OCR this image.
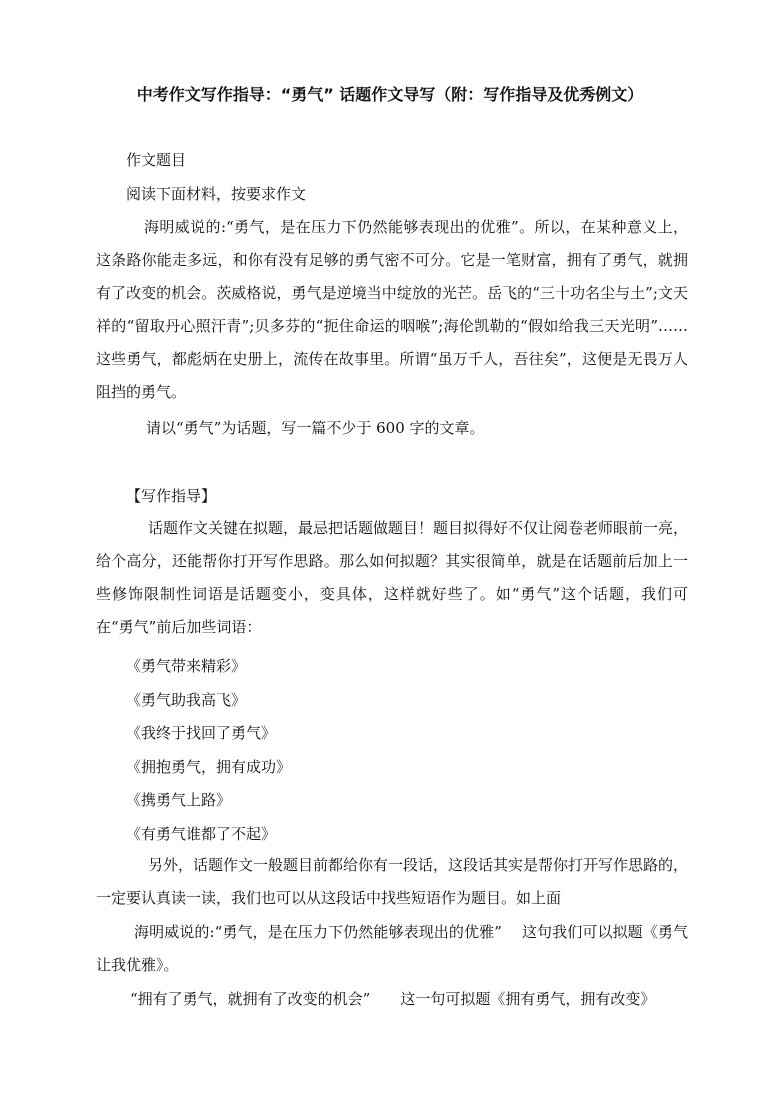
中考作文写作指导：“勇气” 话题作文导写（附：写作指导及优秀例文）
作文题目
阅读下面材料，按要求作文
海明威说的:“勇气，是在压力下仍然能够表现出的优雅”。所以，在某种意义上，这条路你能走多远，和你有没有足够的勇气密不可分。它是一笔财富，拥有了勇气，就拥有了改变的机会。茨威格说，勇气是逆境当中绽放的光芒。岳飞的“三十功名尘与土”;文天祥的“留取丹心照汗青”;贝多芬的“扼住命运的咽喉”;海伦凯勒的“假如给我三天光明”……这些勇气，都彪炳在史册上，流传在故事里。所谓“虽万千人，吾往矣”，这便是无畏万人阻挡的勇气。
请以“勇气”为话题，写一篇不少于 600 字的文章。
【写作指导】
话题作文关键在拟题，最忌把话题做题目！题目拟得好不仅让阅卷老师眼前一亮，给个高分，还能帮你打开写作思路。那么如何拟题？其实很简单，就是在话题前后加上一些修饰限制性词语是话题变小，变具体，这样就好些了。如“勇气”这个话题，我们可在“勇气”前后加些词语：
《勇气带来精彩》
《勇气助我高飞》
《我终于找回了勇气》
《拥抱勇气，拥有成功》
《携勇气上路》
《有勇气谁都了不起》
另外，话题作文一般题目前都给你有一段话，这段话其实是帮你打开写作思路的，一定要认真读一读，我们也可以从这段话中找些短语作为题目。如上面
海明威说的:“勇气，是在压力下仍然能够表现出的优雅”　 这句我们可以拟题《勇气让我优雅》。
“拥有了勇气，就拥有了改变的机会”　　这一句可拟题《拥有勇气，拥有改变》
